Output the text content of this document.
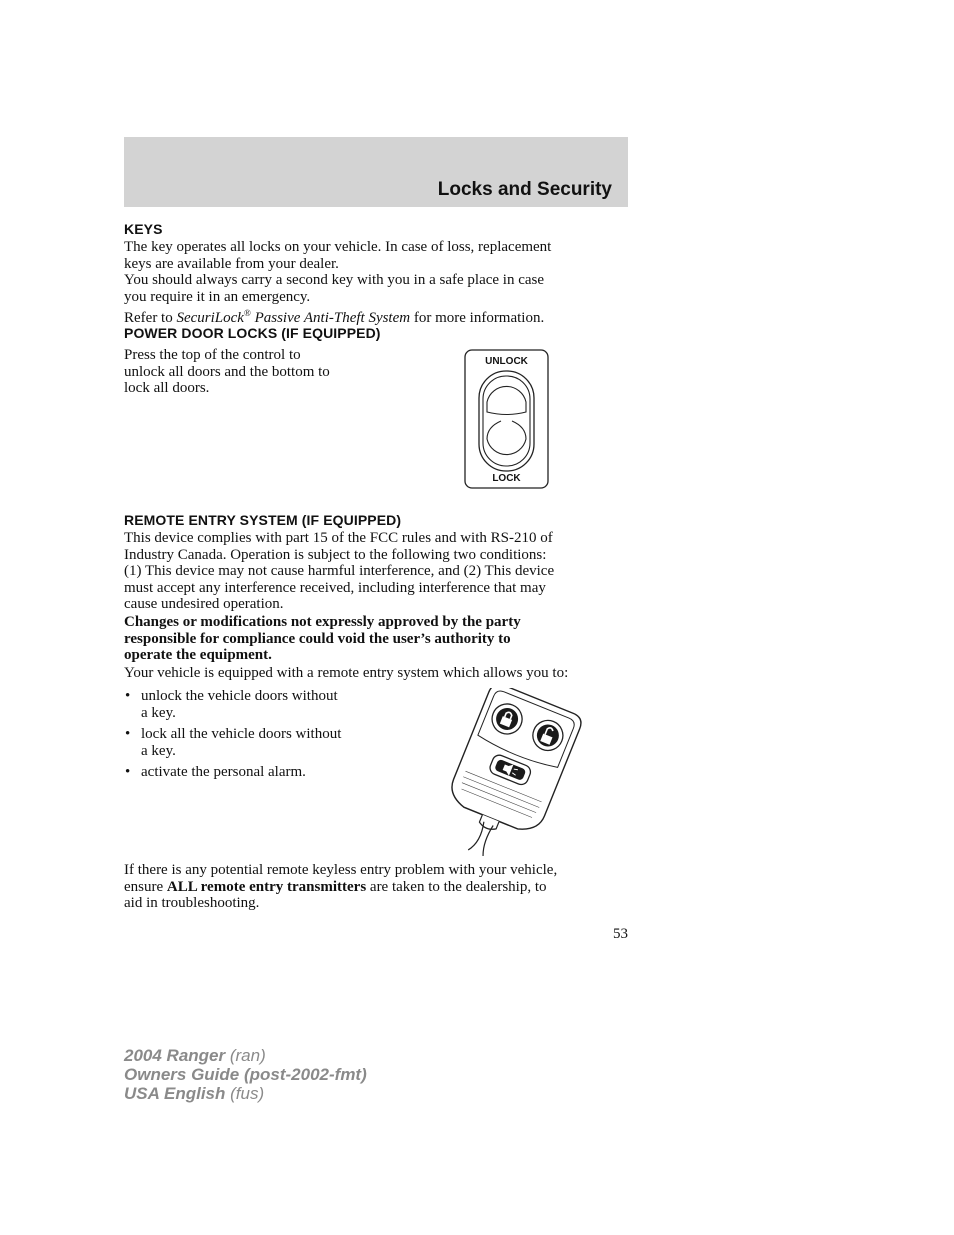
Locks and Security
KEYS
The key operates all locks on your vehicle. In case of loss, replacement
keys are available from your dealer.
You should always carry a second key with you in a safe place in case
you require it in an emergency.
Refer to SecuriLock® Passive Anti-Theft System for more information.
POWER DOOR LOCKS (IF EQUIPPED)
Press the top of the control to
unlock all doors and the bottom to
lock all doors.
UNLOCK
LOCK
REMOTE ENTRY SYSTEM (IF EQUIPPED)
This device complies with part 15 of the FCC rules and with RS-210 of
Industry Canada. Operation is subject to the following two conditions:
(1) This device may not cause harmful interference, and (2) This device
must accept any interference received, including interference that may
cause undesired operation.
Changes or modifications not expressly approved by the party
responsible for compliance could void the user’s authority to
operate the equipment.
Your vehicle is equipped with a remote entry system which allows you to:
• unlock the vehicle doors without
a key.
• lock all the vehicle doors without
a key.
• activate the personal alarm.
If there is any potential remote keyless entry problem with your vehicle,
ensure ALL remote entry transmitters are taken to the dealership, to
aid in troubleshooting.
53
2004 Ranger (ran)
Owners Guide (post-2002-fmt)
USA English (fus)
